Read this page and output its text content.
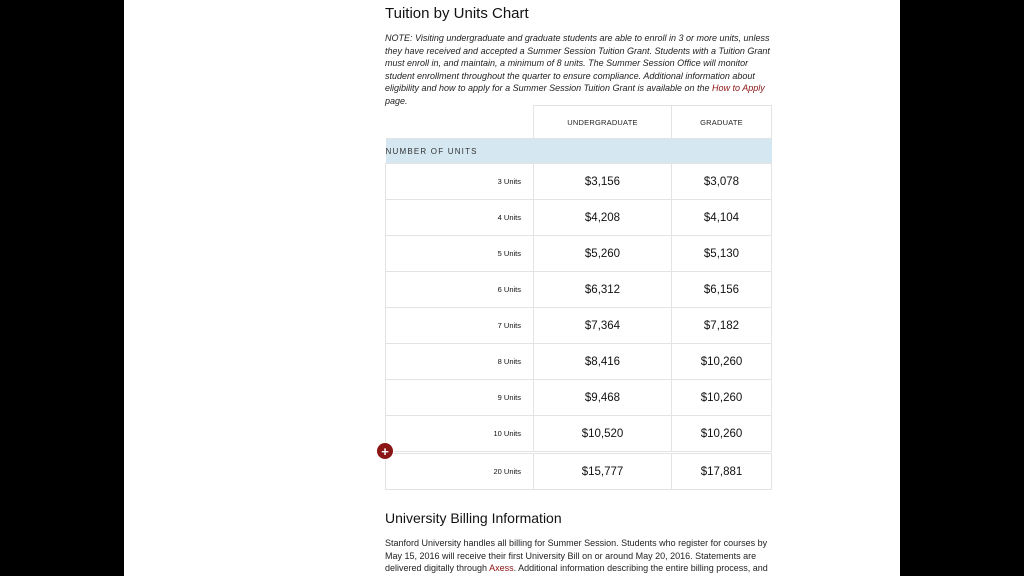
Tuition by Units Chart

NOTE: Visiting undergraduate and graduate students are able to enroll in 3 or more units, unless they have received and accepted a Summer Session Tuition Grant. Students with a Tuition Grant must enroll in, and maintain, a minimum of 8 units. The Summer Session Office will monitor student enrollment throughout the quarter to ensure compliance. Additional information about eligibility and how to apply for a Summer Session Tuition Grant is available on the How to Apply page.

	UNDERGRADUATE	GRADUATE
NUMBER OF UNITS		
3 Units	$3,156	$3,078
4 Units	$4,208	$4,104
5 Units	$5,260	$5,130
6 Units	$6,312	$6,156
7 Units	$7,364	$7,182
8 Units	$8,416	$10,260
9 Units	$9,468	$10,260
10 Units	$10,520	$10,260
20 Units	$15,777	$17,881
University Billing Information

Stanford University handles all billing for Summer Session. Students who register for courses by May 15, 2016 will receive their first University Bill on or around May 20, 2016. Statements are delivered digitally through Axess. Additional information describing the entire billing process, and

+
